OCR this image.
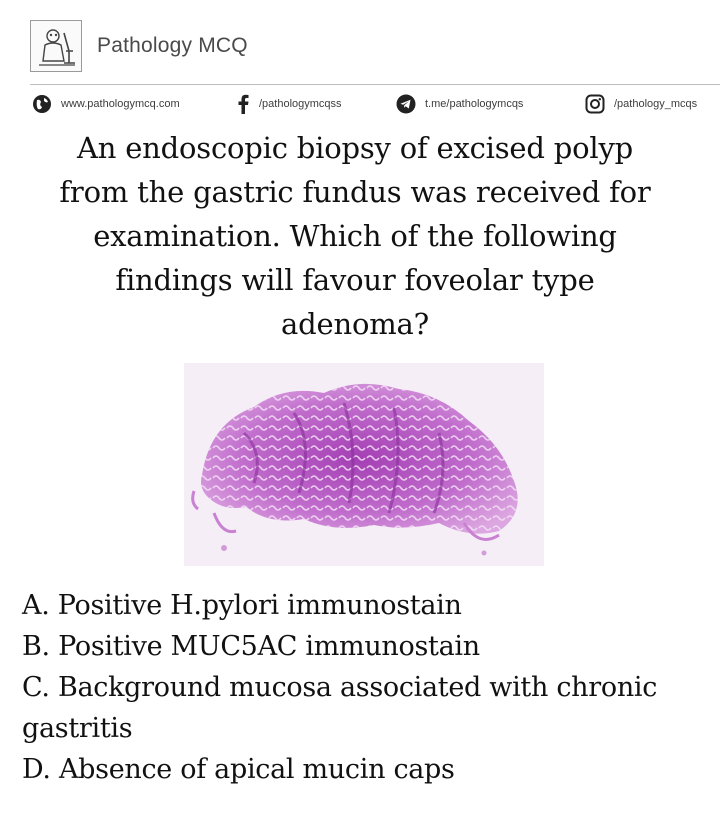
Pathology MCQ
www.pathologymcq.com	/pathologymcqss	t.me/pathologymcqs	/pathology_mcqs
An endoscopic biopsy of excised polyp
from the gastric fundus was received for
examination. Which of the following
findings will favour foveolar type
adenoma?
A. Positive H.pylori immunostain
B. Positive MUC5AC immunostain
C. Background mucosa associated with chronic gastritis
D. Absence of apical mucin caps
